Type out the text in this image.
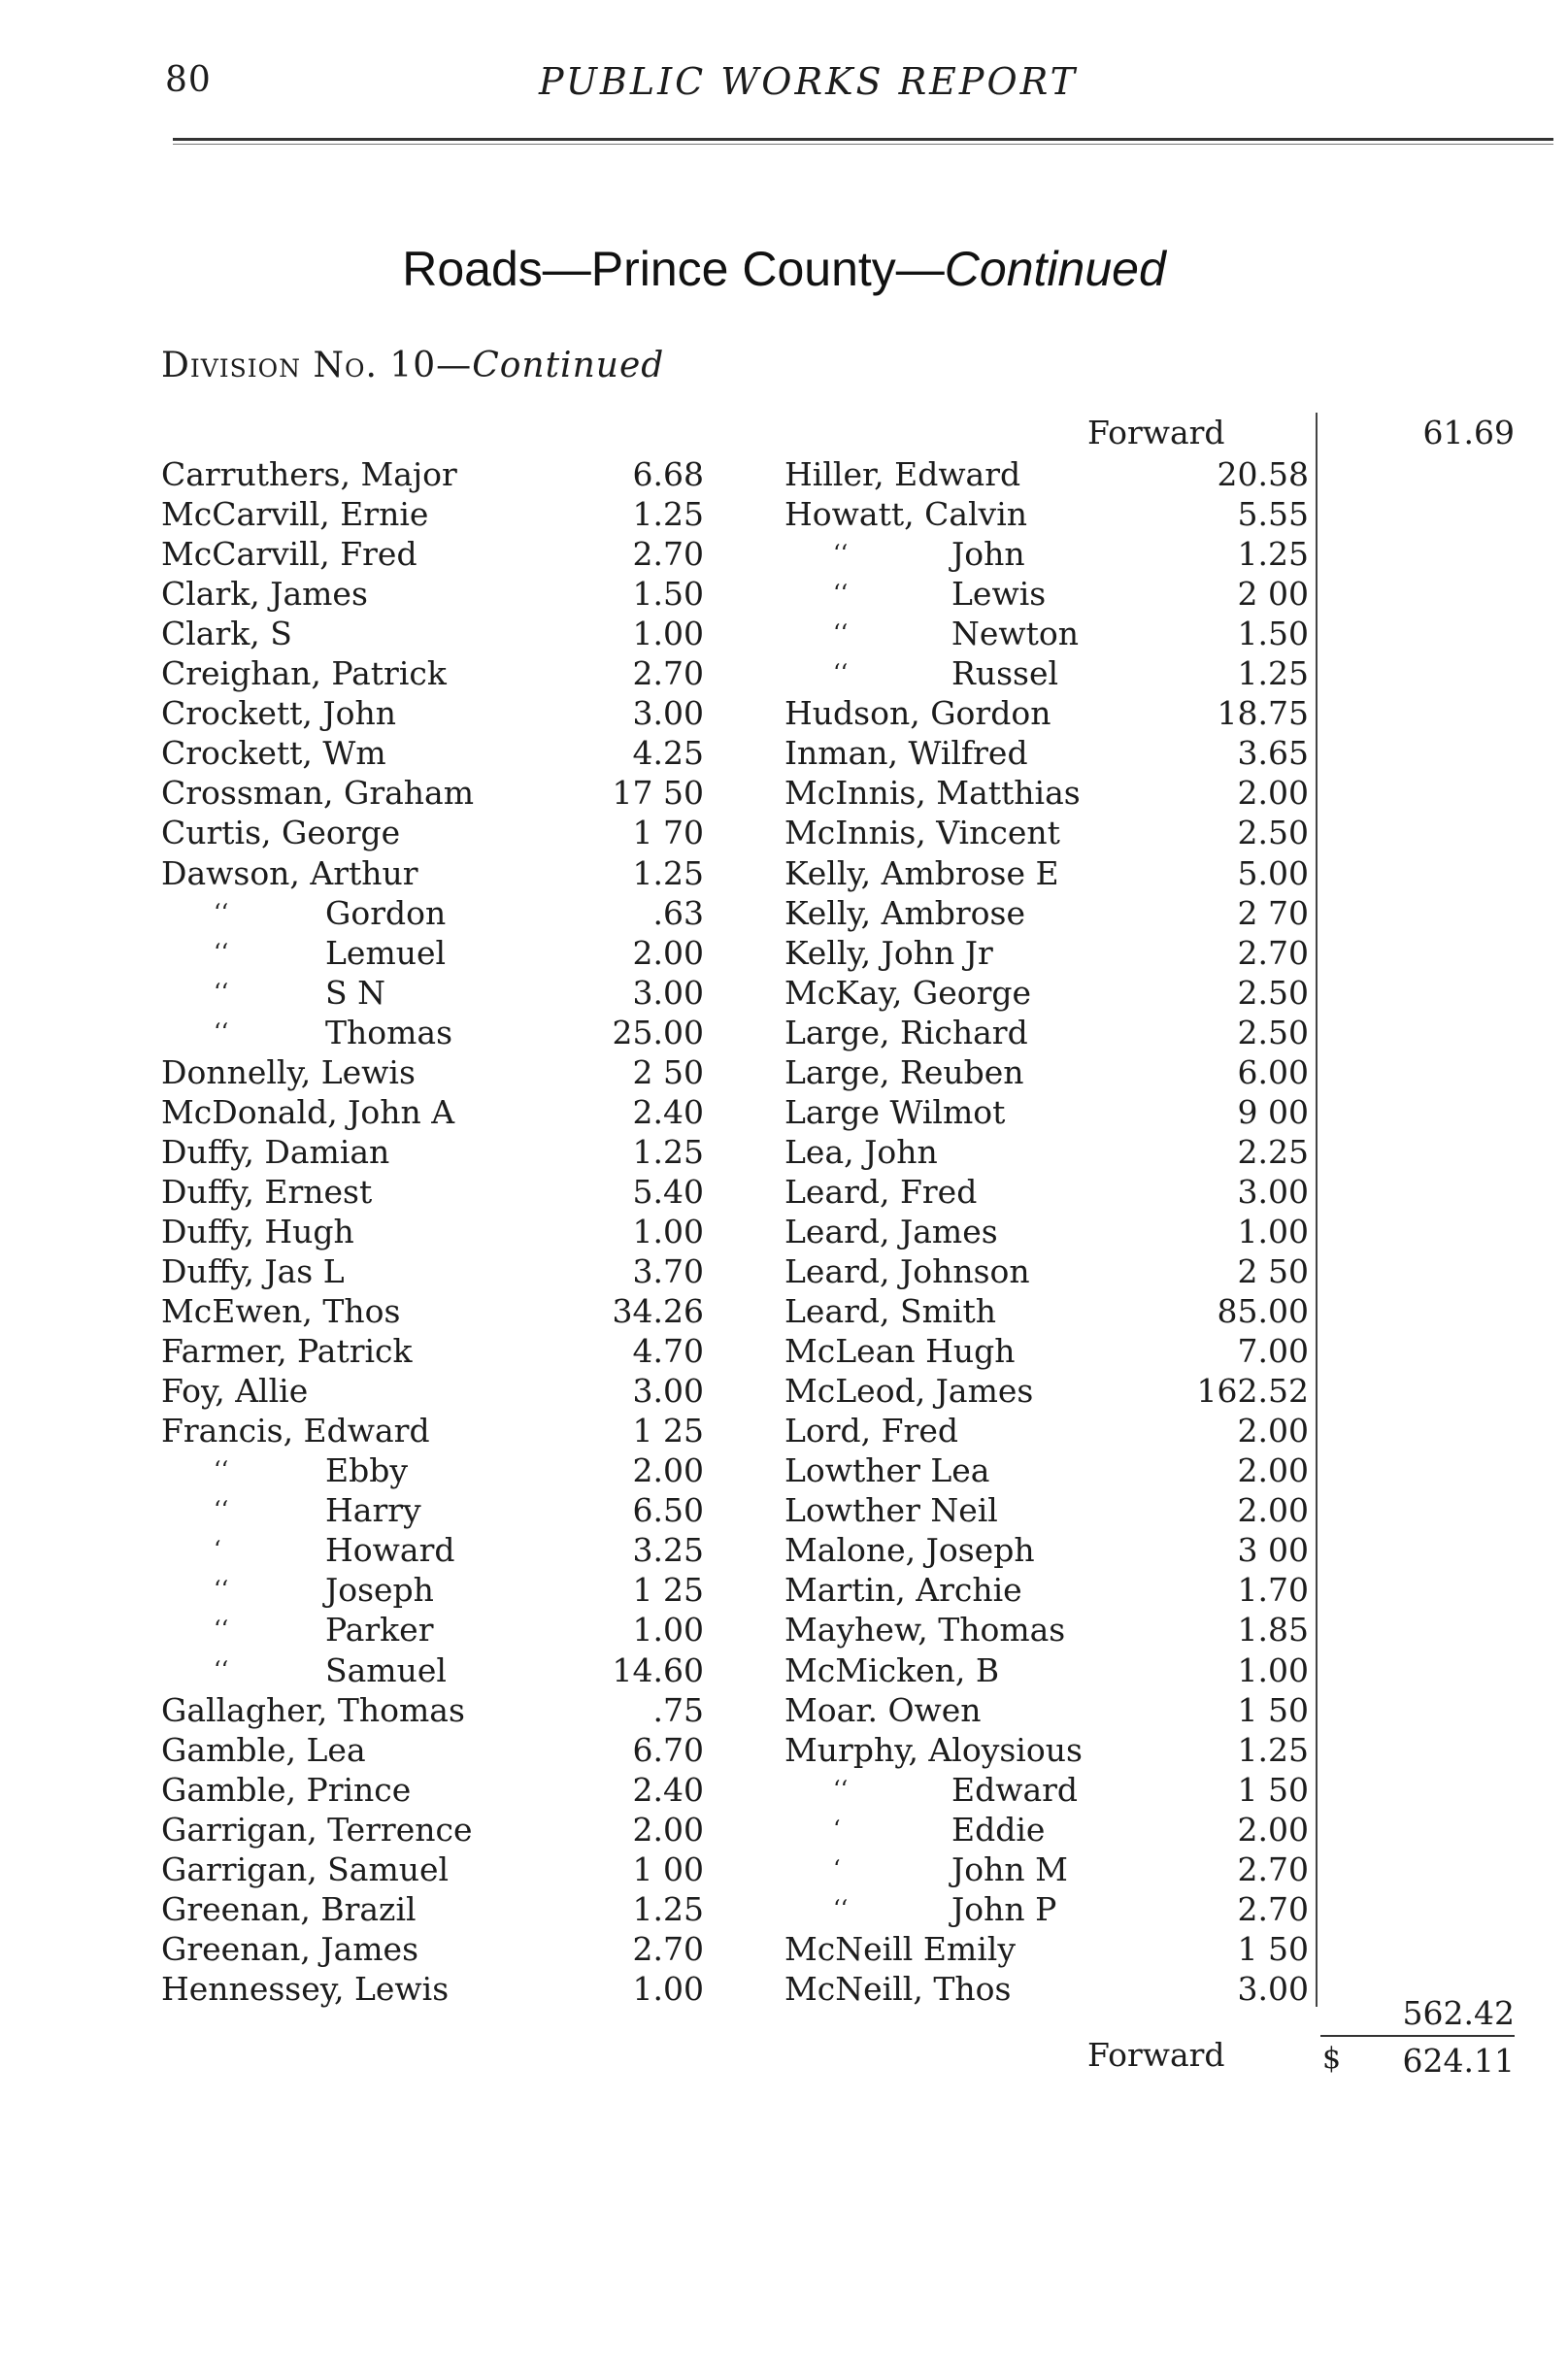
80	PUBLIC WORKS REPORT
Roads—Prince County—Continued
Division No. 10—Continued
Forward	61.69
Carruthers, Major	6.68
McCarvill, Ernie	1.25
McCarvill, Fred	2.70
Clark, James	1.50
Clark, S	1.00
Creighan, Patrick	2.70
Crockett, John	3.00
Crockett, Wm	4.25
Crossman, Graham	17 50
Curtis, George	1 70
Dawson, Arthur	1.25
‘‘	Gordon	.63
‘‘	Lemuel	2.00
‘‘	S N	3.00
‘‘	Thomas	25.00
Donnelly, Lewis	2 50
McDonald, John A	2.40
Duffy, Damian	1.25
Duffy, Ernest	5.40
Duffy, Hugh	1.00
Duffy, Jas L	3.70
McEwen, Thos	34.26
Farmer, Patrick	4.70
Foy, Allie	3.00
Francis, Edward	1 25
‘‘	Ebby	2.00
‘‘	Harry	6.50
‘	Howard	3.25
‘‘	Joseph	1 25
‘‘	Parker	1.00
‘‘	Samuel	14.60
Gallagher, Thomas	.75
Gamble, Lea	6.70
Gamble, Prince	2.40
Garrigan, Terrence	2.00
Garrigan, Samuel	1 00
Greenan, Brazil	1.25
Greenan, James	2.70
Hennessey, Lewis	1.00
Hiller, Edward	20.58
Howatt, Calvin	5.55
‘‘	John	1.25
‘‘	Lewis	2 00
‘‘	Newton	1.50
‘‘	Russel	1.25
Hudson, Gordon	18.75
Inman, Wilfred	3.65
McInnis, Matthias	2.00
McInnis, Vincent	2.50
Kelly, Ambrose E	5.00
Kelly, Ambrose	2 70
Kelly, John Jr	2.70
McKay, George	2.50
Large, Richard	2.50
Large, Reuben	6.00
Large Wilmot	9 00
Lea, John	2.25
Leard, Fred	3.00
Leard, James	1.00
Leard, Johnson	2 50
Leard, Smith	85.00
McLean Hugh	7.00
McLeod, James	162.52
Lord, Fred	2.00
Lowther Lea	2.00
Lowther Neil	2.00
Malone, Joseph	3 00
Martin, Archie	1.70
Mayhew, Thomas	1.85
McMicken, B	1.00
Moar. Owen	1 50
Murphy, Aloysious	1.25
‘‘	Edward	1 50
‘	Eddie	2.00
‘	John M	2.70
‘‘	John P	2.70
McNeill Emily	1 50
McNeill, Thos	3.00
562.42
Forward	$	624.11
